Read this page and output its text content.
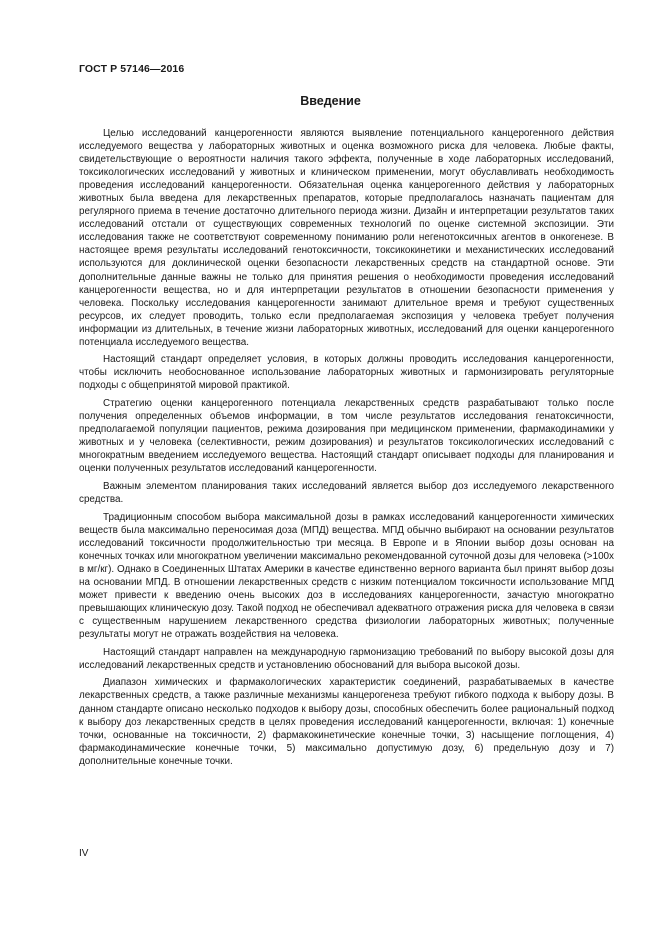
ГОСТ Р 57146—2016
Введение

Целью исследований канцерогенности являются выявление потенциального канцерогенного действия исследуемого вещества у лабораторных животных и оценка возможного риска для человека. Любые факты, свидетельствующие о вероятности наличия такого эффекта, полученные в ходе лабораторных исследований, токсикологических исследований у животных и клиническом применении, могут обуславливать необходимость проведения исследований канцерогенности. Обязательная оценка канцерогенного действия у лабораторных животных была введена для лекарственных препаратов, которые предполагалось назначать пациентам для регулярного приема в течение достаточно длительного периода жизни. Дизайн и интерпретации результатов таких исследований отстали от существующих современных технологий по оценке системной экспозиции. Эти исследования также не соответствуют современному пониманию роли негенотоксичных агентов в онкогенезе. В настоящее время результаты исследований генотоксичности, токсикокинетики и механистических исследований используются для доклинической оценки безопасности лекарственных средств на стандартной основе. Эти дополнительные данные важны не только для принятия решения о необходимости проведения исследований канцерогенности вещества, но и для интерпретации результатов в отношении безопасности применения у человека. Поскольку исследования канцерогенности занимают длительное время и требуют существенных ресурсов, их следует проводить, только если предполагаемая экспозиция у человека требует получения информации из длительных, в течение жизни лабораторных животных, исследований для оценки канцерогенного потенциала исследуемого вещества.

Настоящий стандарт определяет условия, в которых должны проводить исследования канцерогенности, чтобы исключить необоснованное использование лабораторных животных и гармонизировать регуляторные подходы с общепринятой мировой практикой.

Стратегию оценки канцерогенного потенциала лекарственных средств разрабатывают только после получения определенных объемов информации, в том числе результатов исследования генатоксичности, предполагаемой популяции пациентов, режима дозирования при медицинском применении, фармакодинамики у животных и у человека (селективности, режим дозирования) и результатов токсикологических исследований с многократным введением исследуемого вещества. Настоящий стандарт описывает подходы для планирования и оценки полученных результатов исследований канцерогенности.

Важным элементом планирования таких исследований является выбор доз исследуемого лекарственного средства.

Традиционным способом выбора максимальной дозы в рамках исследований канцерогенности химических веществ была максимально переносимая доза (МПД) вещества. МПД обычно выбирают на основании результатов исследований токсичности продолжительностью три месяца. В Европе и в Японии выбор дозы основан на конечных точках или многократном увеличении максимально рекомендованной суточной дозы для человека (>100х в мг/кг). Однако в Соединенных Штатах Америки в качестве единственно верного варианта был принят выбор дозы на основании МПД. В отношении лекарственных средств с низким потенциалом токсичности использование МПД может привести к введению очень высоких доз в исследованиях канцерогенности, зачастую многократно превышающих клиническую дозу. Такой подход не обеспечивал адекватного отражения риска для человека в связи с существенным нарушением лекарственного средства физиологии лабораторных животных; полученные результаты могут не отражать воздействия на человека.

Настоящий стандарт направлен на международную гармонизацию требований по выбору высокой дозы для исследований лекарственных средств и установлению обоснований для выбора высокой дозы.

Диапазон химических и фармакологических характеристик соединений, разрабатываемых в качестве лекарственных средств, а также различные механизмы канцерогенеза требуют гибкого подхода к выбору дозы. В данном стандарте описано несколько подходов к выбору дозы, способных обеспечить более рациональный подход к выбору доз лекарственных средств в целях проведения исследований канцерогенности, включая: 1) конечные точки, основанные на токсичности, 2) фармакокинетические конечные точки, 3) насыщение поглощения, 4) фармакодинамические конечные точки, 5) максимально допустимую дозу, 6) предельную дозу и 7) дополнительные конечные точки.

IV
